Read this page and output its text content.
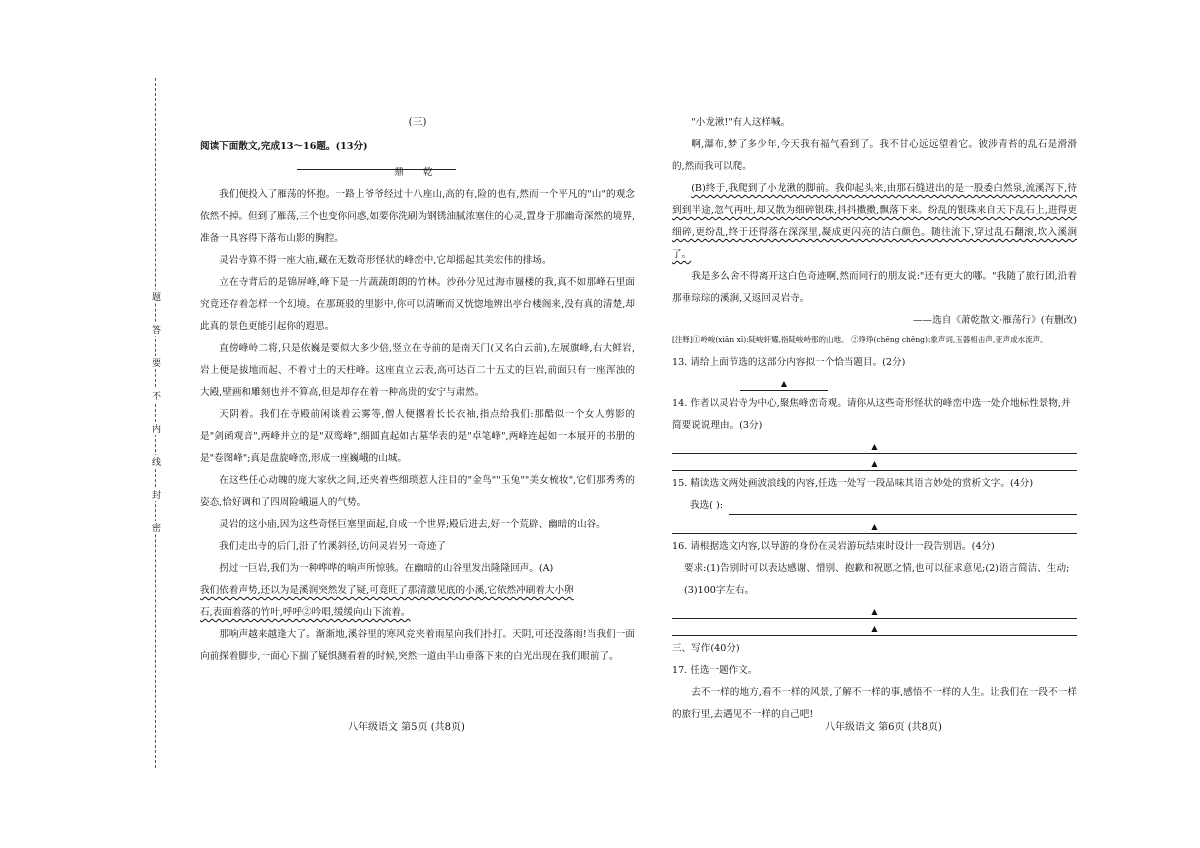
题
答
要
不
内
线
封
密
(三)
阅读下面散文,完成13～16题。(13分)
鼎 乾

我们便投入了雁荡的怀抱。一路上爷爷经过十八座山,高的有,险的也有,然而一个平凡的"山"的观念依然不掉。但到了雁荡,三个也变你问惑,如要你洗刷为钢锈油腻浓塞住的心灵,置身于那幽奇深然的境界,准备一具容得下落布山影的胸腔。

灵岩寺算不得一座大庙,藏在无数奇形怪状的峰峦中,它却摇起其美宏伟的排场。

立在寺背后的是锦屏峰,峰下是一片蔬蔬朗朗的竹林。沙孙分见过海市蜃楼的我,真不如那峰石里面究竟还存着怎样一个幻境。在那斑驳的里影中,你可以清晰而又恍惚地辨出亭台楼阁来,没有真的清楚,却此真的景色更能引起你的遐思。

直傍峰岭二将,只是依巍是要似大多少倍,竖立在寺前的是南天门(又名白云前),左展旗峰,右大鲜岩,岩上便是拔地而起、不着寸土的天柱峰。这座直立云表,高可达百二十五丈的巨岩,前面只有一座浑浊的大殿,壁画和雕刻也并不算高,但是却存在着一种高贵的安宁与肃然。

天阴着。我们在寺殿前闲谈着云雾等,僧人便撂着长长衣袖,指点给我们:那酷似一个女人剪影的是"剑函观音",两峰并立的是"双鸾峰",细圆直起如古墓华表的是"卓笔峰",两峰连起如一本展开的书册的是"卷图峰";真是盘旋峰峦,形成一座巍峨的山城。

在这些任心动魄的庞大家伙之间,还夹着些细琐惹人注目的"金鸟""玉兔""美女梳妆",它们那秀秀的姿态,恰好调和了四周险峨逼人的气势。

灵岩的这小庙,因为这些奇怪巨塞里面起,自成一个世界;殿后进去,好一个荒辟、幽暗的山谷。

我们走出寺的后门,沿了竹溪斜径,访问灵岩另一奇迹了

拐过一巨岩,我们为一种哗哗的响声所惊骇。在幽暗的山谷里发出隆隆回声。(A)

我们依着声势,还以为是溪润突然发了疑,可竟旺了那清激见底的小溪,它依然冲刷着大小卵
石,表面着落的竹叶,呼呼②吟唱,缓缓向山下流着。

那响声越来越逢大了。渐渐地,溪谷里的寒风竞夹着雨星向我们扑打。天阴,可还没落雨!当我们一面向前探着脚步,一面心下揣了疑惧测看着的时候,突然一道由半山垂落下来的白光出现在我们眼前了。

八年级语文 第5页 (共8页)

"小龙湫!"有人这样喊。

啊,瀑布,梦了多少年,今天我有福气看到了。我不甘心远远望着它。彼涉青苔的乱石是滑滑的,然而我可以爬。

(B)终于,我爬到了小龙湫的脚前。我仰起头来,由那石缝迸出的是一股委白然泉,流溪泻下,待到到半途,忽气再吐,却又散为细碎银珠,抖抖擞擞,飘落下来。纷乱的银珠来自天下乱石上,进得更细碎,更纷乱,终于还得落在深深里,凝成更闪亮的洁白颜色。随往流下,穿过乱石翻滚,坎入溪涧了。

我是多么舍不得离开这白色奇迹啊,然而同行的朋友说:"还有更大的哪。"我随了旅行团,沿着那垂琮琮的溪涧,又返回灵岩寺。

——选自《萧乾散文·雁荡行》(有删改)
[注释]①岭峻(xiān xī):陡峻轩耀,指陡峻峙那的山地。 ②琤琤(chēng chēng):象声词,玉器相击声,亚声或水流声。
13. 请给上面节选的这部分内容拟一个恰当题目。(2分)
▲
14. 作者以灵岩寺为中心,聚焦峰峦奇观。请你从这些奇形怪状的峰峦中选一处介地标性景物,并简要说说理由。(3分)
▲
▲
15. 精读选文两处画波浪线的内容,任选一处写一段品味其语言妙处的赏析文字。(4分)
我选( ):
▲
16. 请根据选文内容,以导游的身份在灵岩游玩结束时设计一段告别语。(4分)
要求:(1)告别时可以表达感谢、惜别、抱歉和祝愿之情,也可以征求意见;(2)语言简洁、生动;(3)100字左右。
▲
▲
三、写作(40分)
17. 任选一题作文。

去不一样的地方,看不一样的风景,了解不一样的事,感悟不一样的人生。让我们在一段不一样的旅行里,去遇见不一样的自己吧!

八年级语文 第6页 (共8页)
